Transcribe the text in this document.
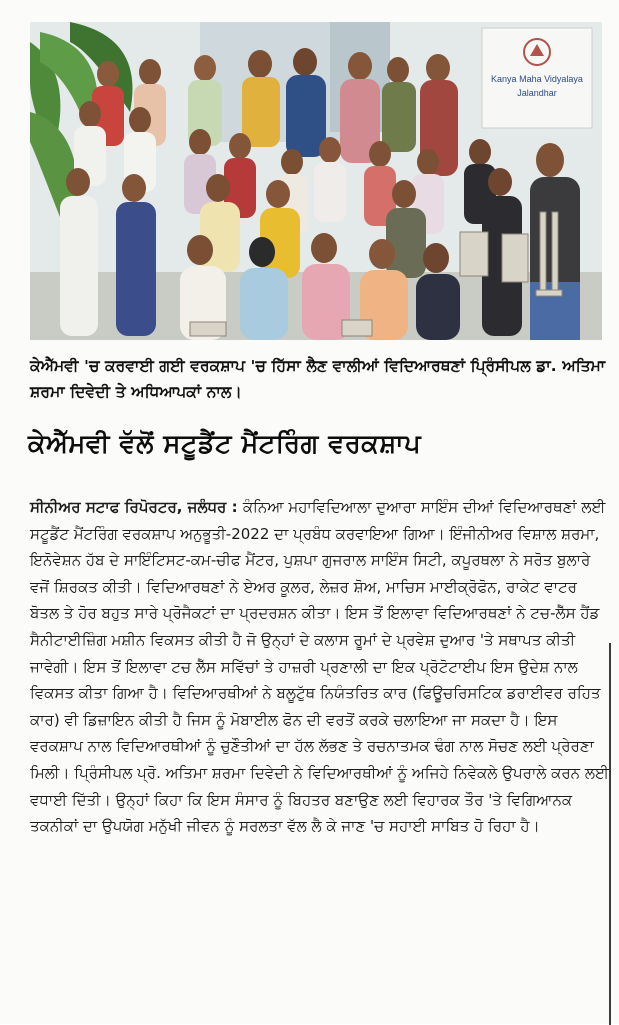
Kanya Maha Vidyalaya
Jalandhar
ਕੇਐੱਮਵੀ 'ਚ ਕਰਵਾਈ ਗਈ ਵਰਕਸ਼ਾਪ 'ਚ ਹਿੱਸਾ ਲੈਣ ਵਾਲੀਆਂ ਵਿਦਿਆਰਥਣਾਂ ਪ੍ਰਿੰਸੀਪਲ ਡਾ. ਅਤਿਮਾ ਸ਼ਰਮਾ ਦਿਵੇਦੀ ਤੇ ਅਧਿਆਪਕਾਂ ਨਾਲ।
ਕੇਐੱਮਵੀ ਵੱਲੋਂ ਸਟੂਡੈਂਟ ਮੈਂਟਰਿੰਗ ਵਰਕਸ਼ਾਪ
ਸੀਨੀਅਰ ਸਟਾਫ ਰਿਪੋਰਟਰ, ਜਲੰਧਰ : ਕੰਨਿਆ ਮਹਾਵਿਦਿਆਲਾ ਦੁਆਰਾ ਸਾਇੰਸ ਦੀਆਂ ਵਿਦਿਆਰਥਣਾਂ ਲਈ ਸਟੂਡੈਂਟ ਮੈਂਟਰਿੰਗ ਵਰਕਸ਼ਾਪ ਅਨੁਭੂਤੀ-2022 ਦਾ ਪ੍ਰਬੰਧ ਕਰਵਾਇਆ ਗਿਆ। ਇੰਜੀਨੀਅਰ ਵਿਸ਼ਾਲ ਸ਼ਰਮਾ, ਇਨੋਵੇਸ਼ਨ ਹੱਬ ਦੇ ਸਾਇੰਟਿਸਟ-ਕਮ-ਚੀਫ ਮੈਂਟਰ, ਪੁਸ਼ਪਾ ਗੁਜਰਾਲ ਸਾਇੰਸ ਸਿਟੀ, ਕਪੂਰਥਲਾ ਨੇ ਸਰੋਤ ਬੁਲਾਰੇ ਵਜੋਂ ਸ਼ਿਰਕਤ ਕੀਤੀ। ਵਿਦਿਆਰਥਣਾਂ ਨੇ ਏਅਰ ਕੂਲਰ, ਲੇਜ਼ਰ ਸ਼ੋਅ, ਮਾਚਿਸ ਮਾਈਕ੍ਰੋਫੋਨ, ਰਾਕੇਟ ਵਾਟਰ ਬੋਤਲ ਤੇ ਹੋਰ ਬਹੁਤ ਸਾਰੇ ਪ੍ਰੋਜੈਕਟਾਂ ਦਾ ਪ੍ਰਦਰਸ਼ਨ ਕੀਤਾ। ਇਸ ਤੋਂ ਇਲਾਵਾ ਵਿਦਿਆਰਥਣਾਂ ਨੇ ਟਚ-ਲੈੱਸ ਹੈਂਡ ਸੈਨੀਟਾਈਜ਼ਿੰਗ ਮਸ਼ੀਨ ਵਿਕਸਤ ਕੀਤੀ ਹੈ ਜੋ ਉਨ੍ਹਾਂ ਦੇ ਕਲਾਸ ਰੂਮਾਂ ਦੇ ਪ੍ਰਵੇਸ਼ ਦੁਆਰ 'ਤੇ ਸਥਾਪਤ ਕੀਤੀ ਜਾਵੇਗੀ। ਇਸ ਤੋਂ ਇਲਾਵਾ ਟਚ ਲੈੱਸ ਸਵਿੱਚਾਂ ਤੇ ਹਾਜ਼ਰੀ ਪ੍ਰਣਾਲੀ ਦਾ ਇਕ ਪ੍ਰੋਟੋਟਾਈਪ ਇਸ ਉਦੇਸ਼ ਨਾਲ ਵਿਕਸਤ ਕੀਤਾ ਗਿਆ ਹੈ। ਵਿਦਿਆਰਥੀਆਂ ਨੇ ਬਲੂਟੁੱਥ ਨਿਯੰਤਰਿਤ ਕਾਰ (ਫਿਊਚਰਿਸਟਿਕ ਡਰਾਈਵਰ ਰਹਿਤ ਕਾਰ) ਵੀ ਡਿਜ਼ਾਇਨ ਕੀਤੀ ਹੈ ਜਿਸ ਨੂੰ ਮੋਬਾਈਲ ਫੋਨ ਦੀ ਵਰਤੋਂ ਕਰਕੇ ਚਲਾਇਆ ਜਾ ਸਕਦਾ ਹੈ। ਇਸ ਵਰਕਸ਼ਾਪ ਨਾਲ ਵਿਦਿਆਰਥੀਆਂ ਨੂੰ ਚੁਣੌਤੀਆਂ ਦਾ ਹੱਲ ਲੱਭਣ ਤੇ ਰਚਨਾਤਮਕ ਢੰਗ ਨਾਲ ਸੋਚਣ ਲਈ ਪ੍ਰੇਰਣਾ ਮਿਲੀ। ਪ੍ਰਿੰਸੀਪਲ ਪ੍ਰੋ. ਅਤਿਮਾ ਸ਼ਰਮਾ ਦਿਵੇਦੀ ਨੇ ਵਿਦਿਆਰਥੀਆਂ ਨੂੰ ਅਜਿਹੇ ਨਿਵੇਕਲੇ ਉਪਰਾਲੇ ਕਰਨ ਲਈ ਵਧਾਈ ਦਿੱਤੀ। ਉਨ੍ਹਾਂ ਕਿਹਾ ਕਿ ਇਸ ਸੰਸਾਰ ਨੂੰ ਬਿਹਤਰ ਬਣਾਉਣ ਲਈ ਵਿਹਾਰਕ ਤੌਰ 'ਤੇ ਵਿਗਿਆਨਕ ਤਕਨੀਕਾਂ ਦਾ ਉਪਯੋਗ ਮਨੁੱਖੀ ਜੀਵਨ ਨੂੰ ਸਰਲਤਾ ਵੱਲ ਲੈ ਕੇ ਜਾਣ 'ਚ ਸਹਾਈ ਸਾਬਿਤ ਹੋ ਰਿਹਾ ਹੈ।
